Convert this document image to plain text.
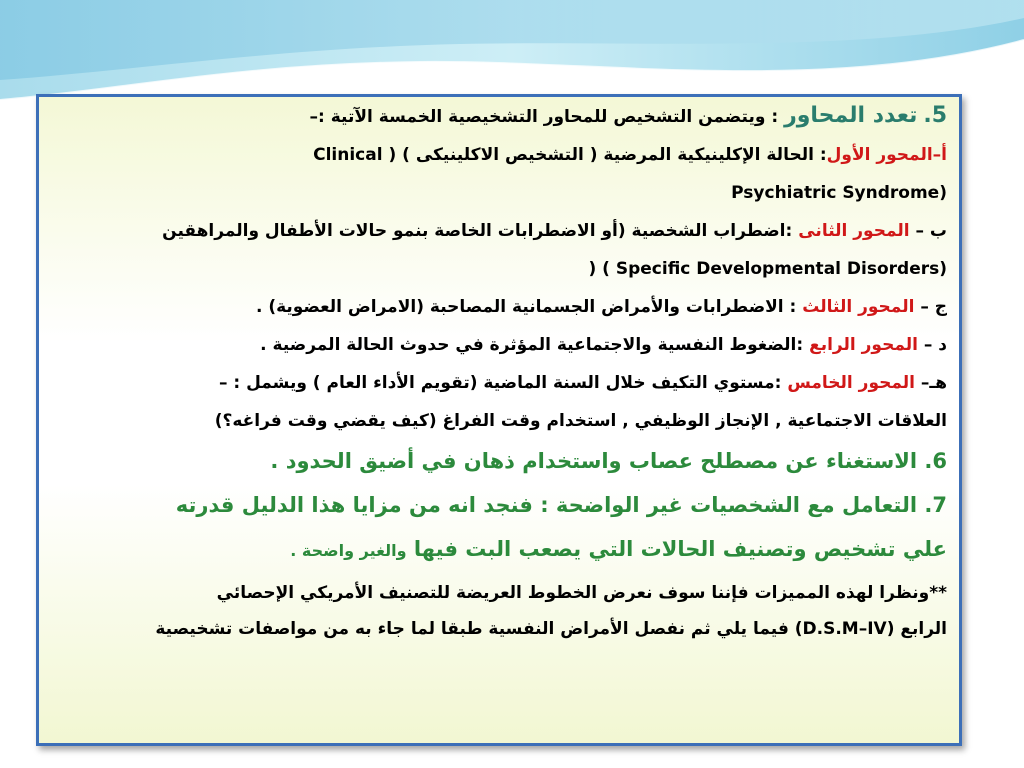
5. تعدد المحاور : ويتضمن التشخيص للمحاور التشخيصية الخمسة الآتية :–
أ–المحور الأول: الحالة الإكلينيكية المرضية ( التشخيص الاكلينيكى ) ( Clinical
Psychiatric Syndrome)
ب – المحور الثانى :اضطراب الشخصية (أو الاضطرابات الخاصة بنمو حالات الأطفال والمراهقين
) ( Specific Developmental Disorders)
ج – المحور الثالث : الاضطرابات والأمراض الجسمانية المصاحبة (الامراض العضوية) .
د – المحور الرابع :الضغوط النفسية والاجتماعية المؤثرة في حدوث الحالة المرضية .
هـ– المحور الخامس :مستوي التكيف خلال السنة الماضية (تقويم الأداء العام ) ويشمل : –
العلاقات الاجتماعية , الإنجاز الوظيفي , استخدام وقت الفراغ (كيف يقضي وقت فراغه؟)
6. الاستغناء عن مصطلح عصاب واستخدام ذهان في أضيق الحدود .
7. التعامل مع الشخصيات غير الواضحة : فنجد انه من مزايا هذا الدليل قدرته
علي تشخيص وتصنيف الحالات التي يصعب البت فيها والغير واضحة .
**ونظرا لهذه المميزات فإننا سوف نعرض الخطوط العريضة للتصنيف الأمريكي الإحصائي
الرابع (D.S.M–IV) فيما يلي ثم نفصل الأمراض النفسية طبقا لما جاء به من مواصفات تشخيصية
